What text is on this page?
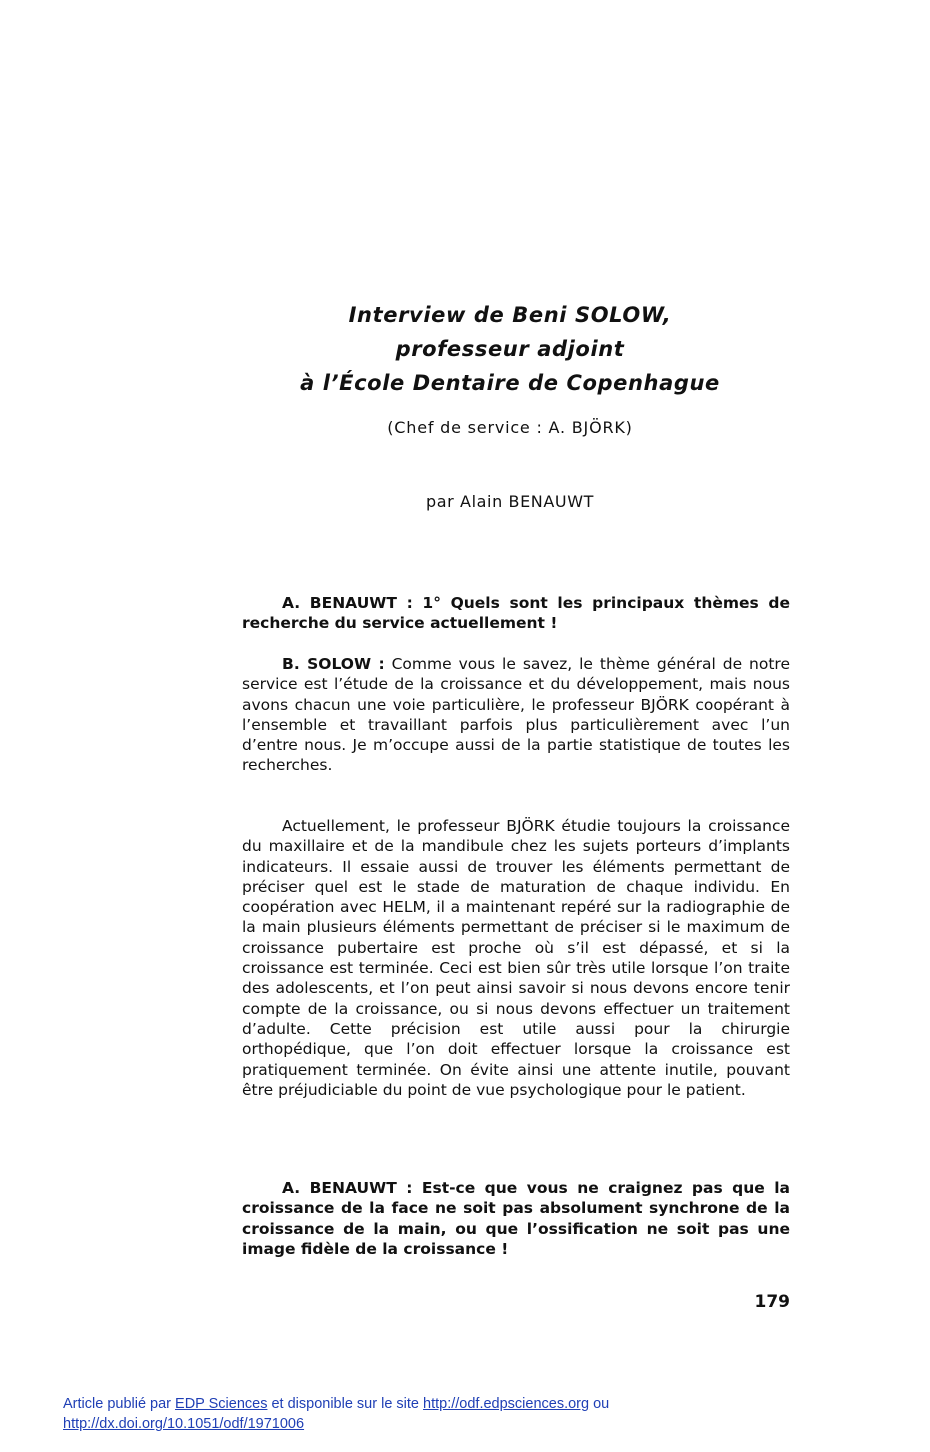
Interview de Beni SOLOW,
professeur adjoint
à l’École Dentaire de Copenhague

(Chef de service : A. BJÖRK)

par Alain BENAUWT

A. BENAUWT : 1° Quels sont les principaux thèmes de recherche du service actuellement !

B. SOLOW : Comme vous le savez, le thème général de notre service est l’étude de la croissance et du développement, mais nous avons chacun une voie particulière, le professeur BJÖRK coopérant à l’ensemble et travaillant parfois plus particulièrement avec l’un d’entre nous. Je m’occupe aussi de la partie statistique de toutes les recherches.

Actuellement, le professeur BJÖRK étudie toujours la croissance du maxillaire et de la mandibule chez les sujets porteurs d’implants indicateurs. Il essaie aussi de trouver les éléments permettant de préciser quel est le stade de maturation de chaque individu. En coopération avec HELM, il a maintenant repéré sur la radiographie de la main plusieurs éléments permettant de préciser si le maximum de croissance pubertaire est proche où s’il est dépassé, et si la croissance est terminée. Ceci est bien sûr très utile lorsque l’on traite des adolescents, et l’on peut ainsi savoir si nous devons encore tenir compte de la croissance, ou si nous devons effectuer un traitement d’adulte. Cette précision est utile aussi pour la chirurgie orthopédique, que l’on doit effectuer lorsque la croissance est pratiquement terminée. On évite ainsi une attente inutile, pouvant être préjudiciable du point de vue psychologique pour le patient.

A. BENAUWT : Est-ce que vous ne craignez pas que la croissance de la face ne soit pas absolument synchrone de la croissance de la main, ou que l’ossification ne soit pas une image fidèle de la croissance !

179

Article publié par EDP Sciences et disponible sur le site http://odf.edpsciences.org ou
http://dx.doi.org/10.1051/odf/1971006
